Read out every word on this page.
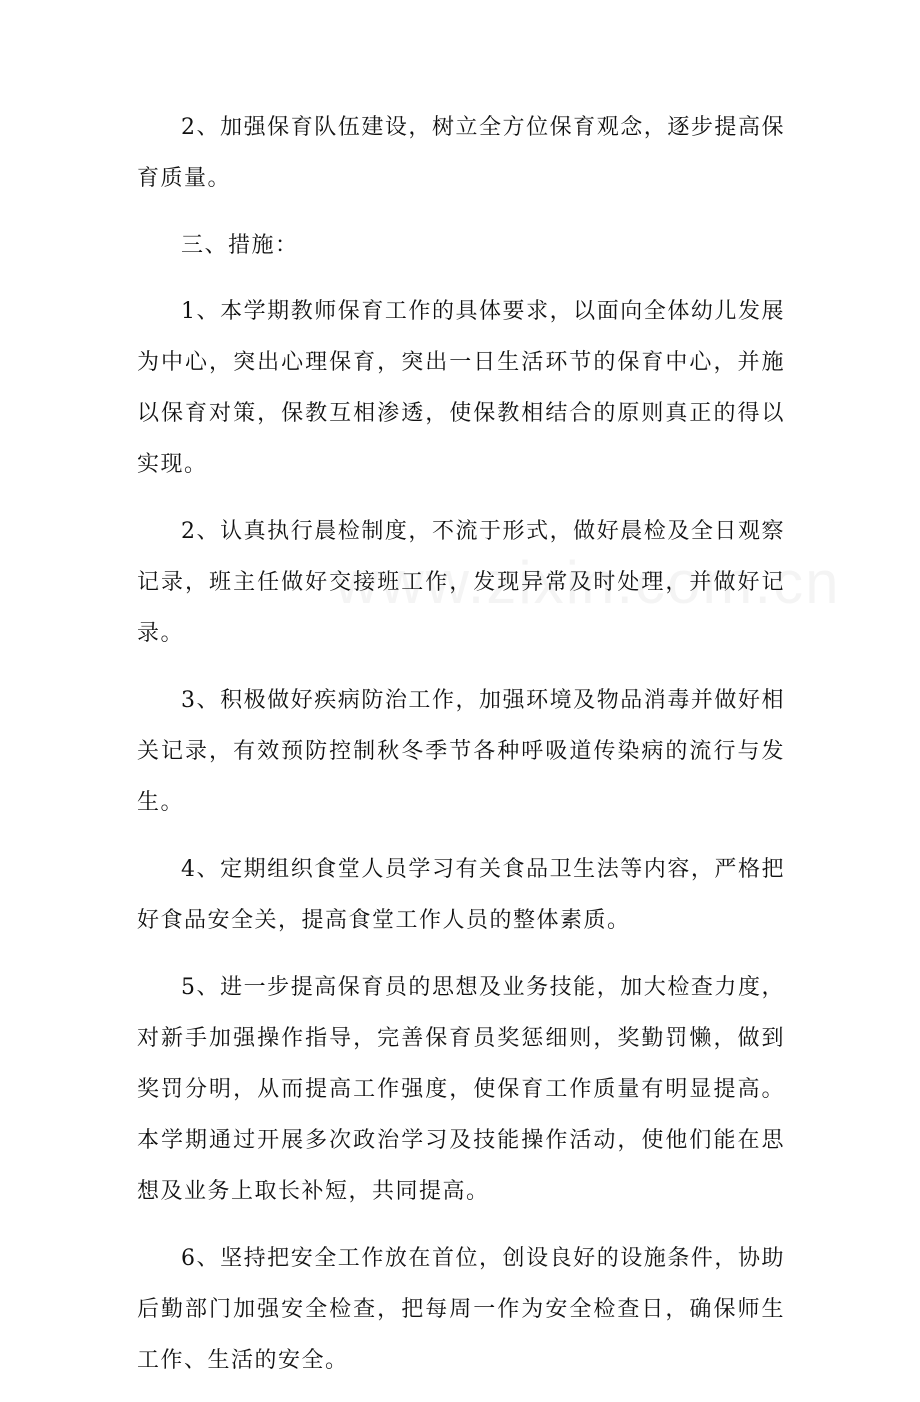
2、加强保育队伍建设，树立全方位保育观念，逐步提高保育质量。

三、措施：

1、本学期教师保育工作的具体要求，以面向全体幼儿发展为中心，突出心理保育，突出一日生活环节的保育中心，并施以保育对策，保教互相渗透，使保教相结合的原则真正的得以实现。

2、认真执行晨检制度，不流于形式，做好晨检及全日观察记录，班主任做好交接班工作，发现异常及时处理，并做好记录。

3、积极做好疾病防治工作，加强环境及物品消毒并做好相关记录，有效预防控制秋冬季节各种呼吸道传染病的流行与发生。

4、定期组织食堂人员学习有关食品卫生法等内容，严格把好食品安全关，提高食堂工作人员的整体素质。

5、进一步提高保育员的思想及业务技能，加大检查力度，对新手加强操作指导，完善保育员奖惩细则，奖勤罚懒，做到奖罚分明，从而提高工作强度，使保育工作质量有明显提高。本学期通过开展多次政治学习及技能操作活动，使他们能在思想及业务上取长补短，共同提高。

6、坚持把安全工作放在首位，创设良好的设施条件，协助后勤部门加强安全检查，把每周一作为安全检查日，确保师生工作、生活的安全。
